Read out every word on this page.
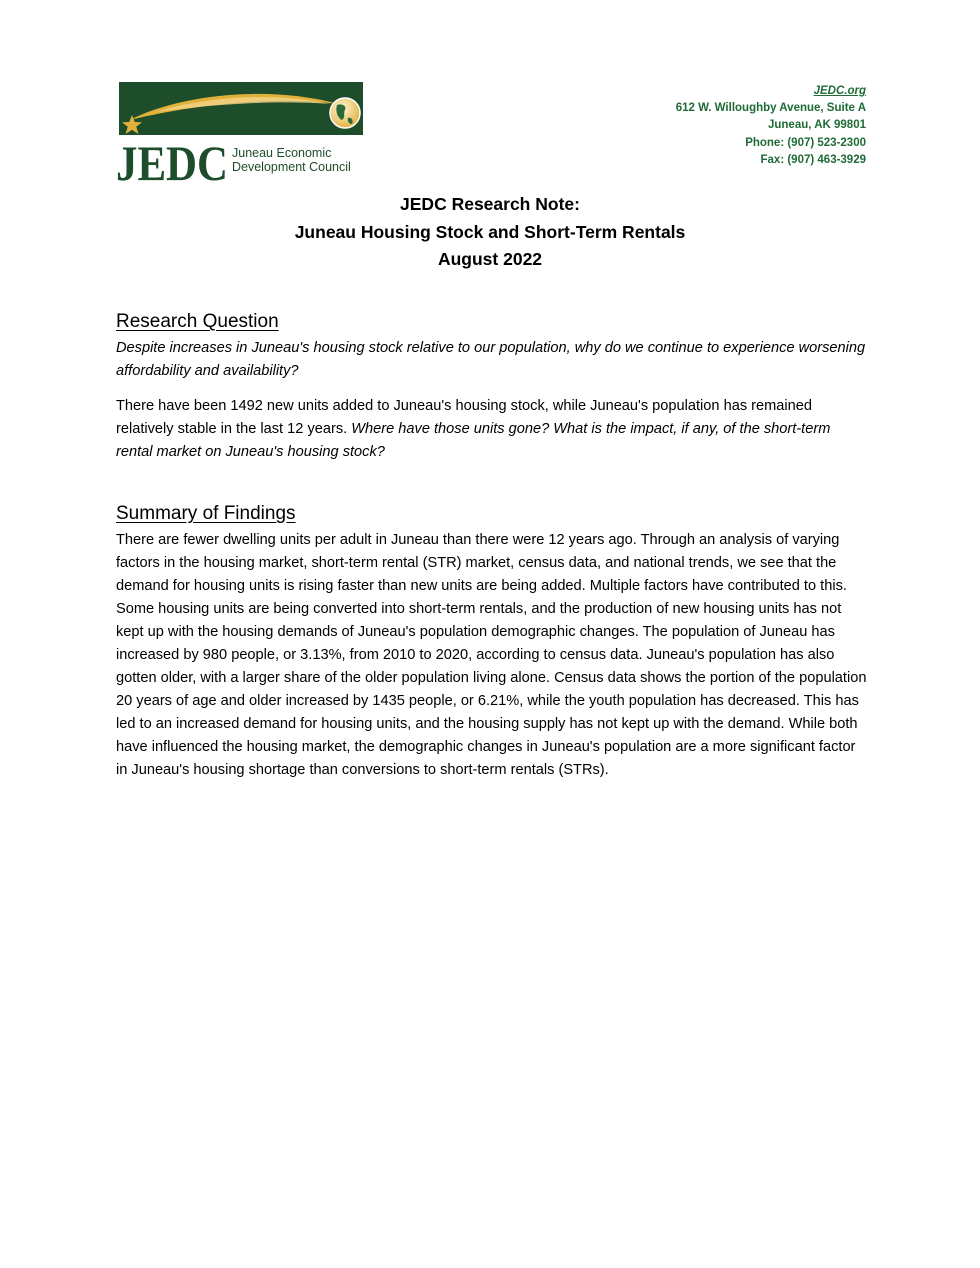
JEDC Juneau Economic
Development Council
JEDC.org
612 W. Willoughby Avenue, Suite A
Juneau, AK 99801
Phone: (907) 523-2300
Fax: (907) 463-3929
JEDC Research Note:
Juneau Housing Stock and Short-Term Rentals
August 2022
Research Question

Despite increases in Juneau's housing stock relative to our population, why do we continue to experience worsening affordability and availability?

There have been 1492 new units added to Juneau's housing stock, while Juneau's population has remained relatively stable in the last 12 years. Where have those units gone? What is the impact, if any, of the short-term rental market on Juneau's housing stock?

Summary of Findings

There are fewer dwelling units per adult in Juneau than there were 12 years ago. Through an analysis of varying factors in the housing market, short-term rental (STR) market, census data, and national trends, we see that the demand for housing units is rising faster than new units are being added. Multiple factors have contributed to this. Some housing units are being converted into short-term rentals, and the production of new housing units has not kept up with the housing demands of Juneau's population demographic changes. The population of Juneau has increased by 980 people, or 3.13%, from 2010 to 2020, according to census data. Juneau's population has also gotten older, with a larger share of the older population living alone. Census data shows the portion of the population 20 years of age and older increased by 1435 people, or 6.21%, while the youth population has decreased. This has led to an increased demand for housing units, and the housing supply has not kept up with the demand. While both have influenced the housing market, the demographic changes in Juneau's population are a more significant factor in Juneau's housing shortage than conversions to short-term rentals (STRs).
